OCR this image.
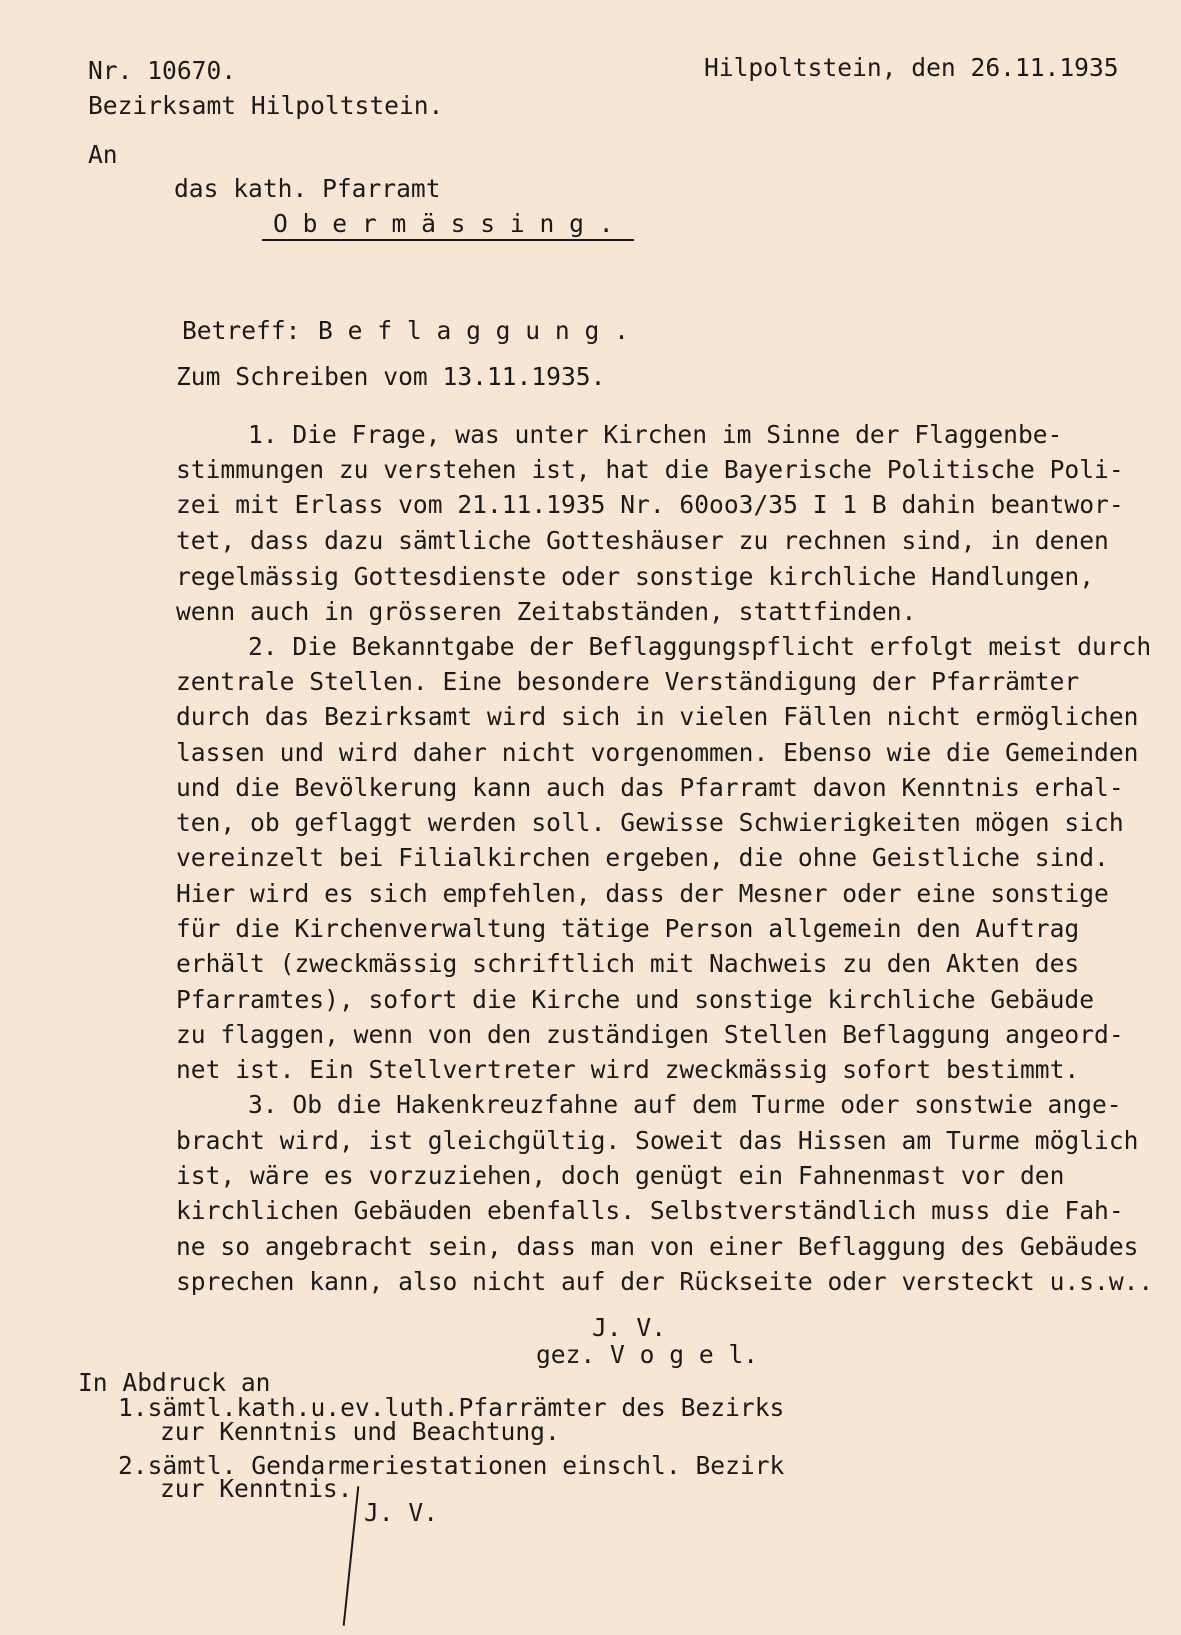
Nr. 10670.
Bezirksamt Hilpoltstein.
Hilpoltstein, den 26.11.1935
An
das kath. Pfarramt
O b e r m ä s s i n g .
Betreff: B e f l a g g u n g .
Zum Schreiben vom 13.11.1935.
1. Die Frage, was unter Kirchen im Sinne der Flaggenbe-
stimmungen zu verstehen ist, hat die Bayerische Politische Poli-
zei mit Erlass vom 21.11.1935 Nr. 60oo3/35 I 1 B dahin beantwor-
tet, dass dazu sämtliche Gotteshäuser zu rechnen sind, in denen
regelmässig Gottesdienste oder sonstige kirchliche Handlungen,
wenn auch in grösseren Zeitabständen, stattfinden.
2. Die Bekanntgabe der Beflaggungspflicht erfolgt meist durch
zentrale Stellen. Eine besondere Verständigung der Pfarrämter
durch das Bezirksamt wird sich in vielen Fällen nicht ermöglichen
lassen und wird daher nicht vorgenommen. Ebenso wie die Gemeinden
und die Bevölkerung kann auch das Pfarramt davon Kenntnis erhal-
ten, ob geflaggt werden soll. Gewisse Schwierigkeiten mögen sich
vereinzelt bei Filialkirchen ergeben, die ohne Geistliche sind.
Hier wird es sich empfehlen, dass der Mesner oder eine sonstige
für die Kirchenverwaltung tätige Person allgemein den Auftrag
erhält (zweckmässig schriftlich mit Nachweis zu den Akten des
Pfarramtes), sofort die Kirche und sonstige kirchliche Gebäude
zu flaggen, wenn von den zuständigen Stellen Beflaggung angeord-
net ist. Ein Stellvertreter wird zweckmässig sofort bestimmt.
3. Ob die Hakenkreuzfahne auf dem Turme oder sonstwie ange-
bracht wird, ist gleichgültig. Soweit das Hissen am Turme möglich
ist, wäre es vorzuziehen, doch genügt ein Fahnenmast vor den
kirchlichen Gebäuden ebenfalls. Selbstverständlich muss die Fah-
ne so angebracht sein, dass man von einer Beflaggung des Gebäudes
sprechen kann, also nicht auf der Rückseite oder versteckt u.s.w..
J. V.
gez. V o g e l.
In Abdruck an
1.sämtl.kath.u.ev.luth.Pfarrämter des Bezirks
zur Kenntnis und Beachtung.
2.sämtl. Gendarmeriestationen einschl. Bezirk
zur Kenntnis.
J. V.
